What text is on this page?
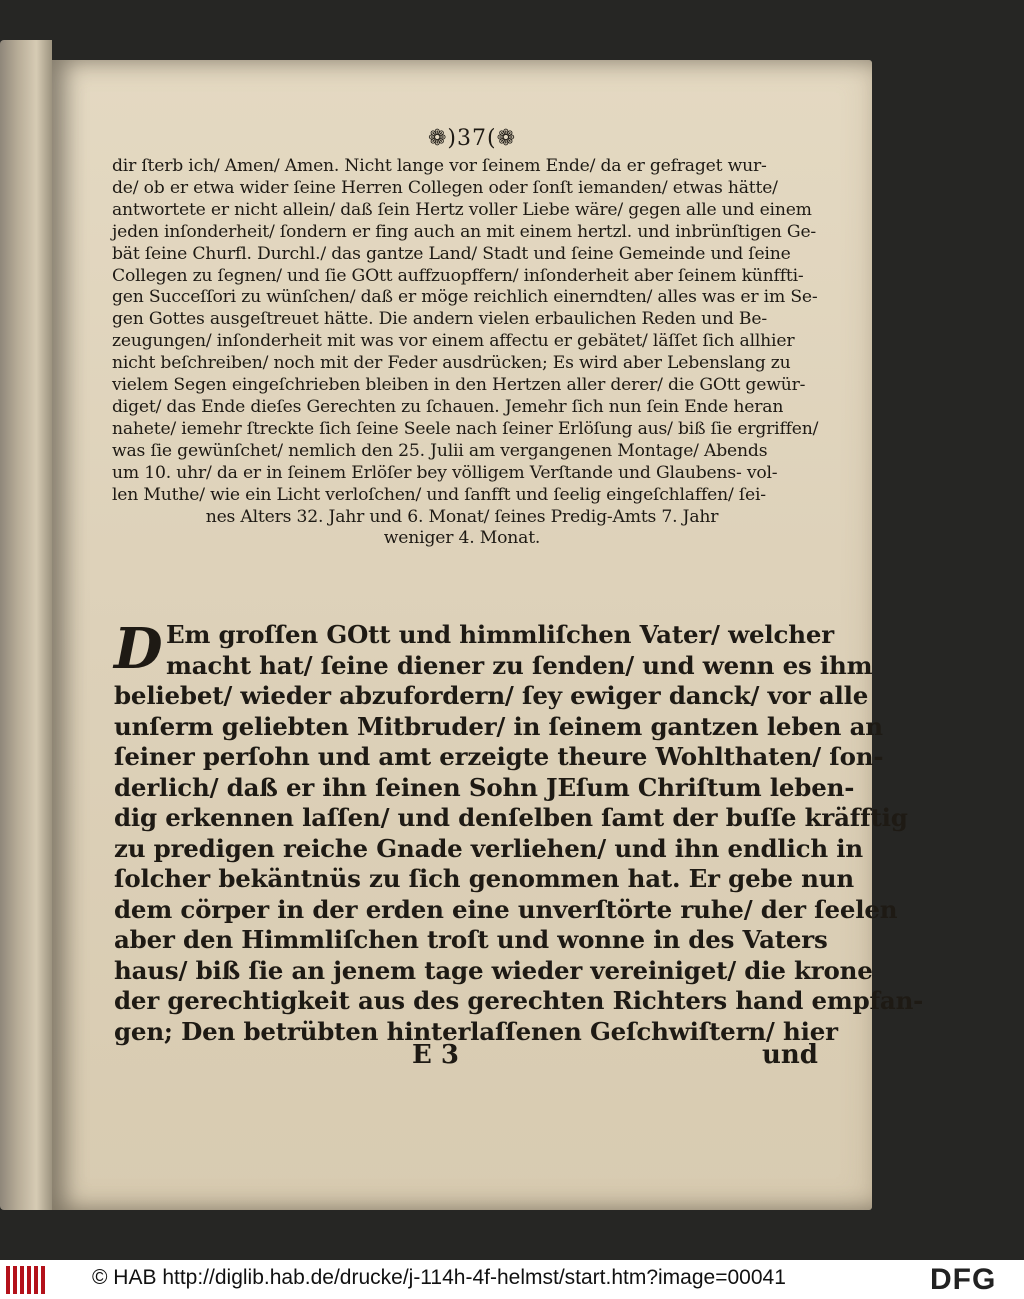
❁)37(❁
dir ſterb ich/ Amen/ Amen. Nicht lange vor ſeinem Ende/ da er gefraget wur-
de/ ob er etwa wider ſeine Herren Collegen oder ſonſt iemanden/ etwas hätte/
antwortete er nicht allein/ daß ſein Hertz voller Liebe wäre/ gegen alle und einem
jeden inſonderheit/ ſondern er fing auch an mit einem hertzl. und inbrünſtigen Ge-
bät ſeine Churfl. Durchl./ das gantze Land/ Stadt und ſeine Gemeinde und ſeine
Collegen zu ſegnen/ und ſie GOtt auffzuopffern/ inſonderheit aber ſeinem künffti-
gen Succeſſori zu wünſchen/ daß er möge reichlich einerndten/ alles was er im Se-
gen Gottes ausgeſtreuet hätte. Die andern vielen erbaulichen Reden und Be-
zeugungen/ inſonderheit mit was vor einem affectu er gebätet/ läſſet ſich allhier
nicht beſchreiben/ noch mit der Feder ausdrücken; Es wird aber Lebenslang zu
vielem Segen eingeſchrieben bleiben in den Hertzen aller derer/ die GOtt gewür-
diget/ das Ende dieſes Gerechten zu ſchauen. Jemehr ſich nun ſein Ende heran
nahete/ iemehr ſtreckte ſich ſeine Seele nach ſeiner Erlöſung aus/ biß ſie ergriffen/
was ſie gewünſchet/ nemlich den 25. Julii am vergangenen Montage/ Abends
um 10. uhr/ da er in ſeinem Erlöſer bey völligem Verſtande und Glaubens- vol-
len Muthe/ wie ein Licht verloſchen/ und ſanfft und ſeelig eingeſchlaffen/ ſei-
nes Alters 32. Jahr und 6. Monat/ ſeines Predig-Amts 7. Jahr
weniger 4. Monat.
D Em groſſen GOtt und himmliſchen Vater/ welcher
macht hat/ ſeine diener zu ſenden/ und wenn es ihm
beliebet/ wieder abzufordern/ ſey ewiger danck/ vor alle
unſerm geliebten Mitbruder/ in ſeinem gantzen leben an
ſeiner perſohn und amt erzeigte theure Wohlthaten/ ſon-
derlich/ daß er ihn ſeinen Sohn JEſum Chriſtum leben-
dig erkennen laſſen/ und denſelben ſamt der buſſe kräfftig
zu predigen reiche Gnade verliehen/ und ihn endlich in
ſolcher bekäntnüs zu ſich genommen hat. Er gebe nun
dem cörper in der erden eine unverſtörte ruhe/ der ſeelen
aber den Himmliſchen troſt und wonne in des Vaters
haus/ biß ſie an jenem tage wieder vereiniget/ die krone
der gerechtigkeit aus des gerechten Richters hand empfan-
gen; Den betrübten hinterlaſſenen Geſchwiſtern/ hier
E 3	und
© HAB http://diglib.hab.de/drucke/j-114h-4f-helmst/start.htm?image=00041	DFG
